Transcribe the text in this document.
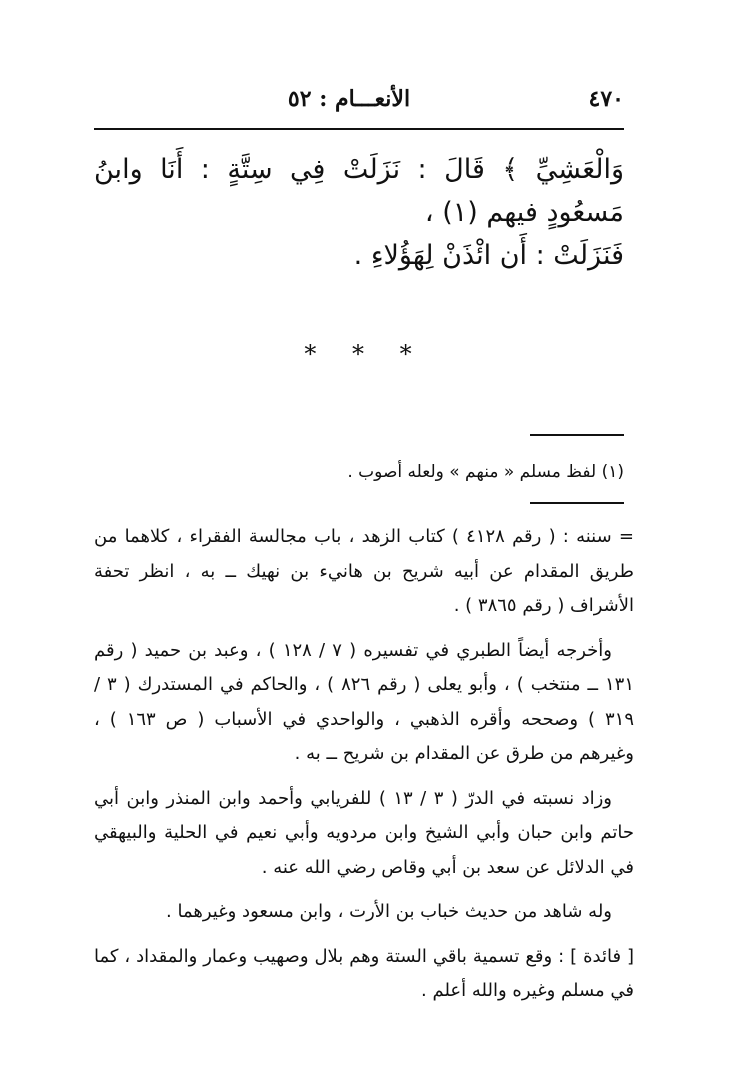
الأنعـــام : ٥٢	٤٧٠

وَالْعَشِيِّ ﴾ قَالَ : نَزَلَتْ فِي سِتَّةٍ : أَنَا وابنُ مَسعُودٍ فيهم (١) ،

فَنَزَلَتْ : أَن ائْذَنْ لِهَؤُلاءِ .

* * *
(١) لفظ مسلم « منهم » ولعله أصوب .

= سننه : ( رقم ٤١٢٨ ) كتاب الزهد ، باب مجالسة الفقراء ، كلاهما من طريق المقدام عن أبيه شريح بن هانيء بن نهيك ــ به ، انظر تحفة الأشراف ( رقم ٣٨٦٥ ) .

وأخرجه أيضاً الطبري في تفسيره ( ٧ / ١٢٨ ) ، وعبد بن حميد ( رقم ١٣١ ــ منتخب ) ، وأبو يعلى ( رقم ٨٢٦ ) ، والحاكم في المستدرك ( ٣ / ٣١٩ ) وصححه وأقره الذهبي ، والواحدي في الأسباب ( ص ١٦٣ ) ، وغيرهم من طرق عن المقدام بن شريح ــ به .

وزاد نسبته في الدرّ ( ٣ / ١٣ ) للفريابي وأحمد وابن المنذر وابن أبي حاتم وابن حبان وأبي الشيخ وابن مردويه وأبي نعيم في الحلية والبيهقي في الدلائل عن سعد بن أبي وقاص رضي الله عنه .

وله شاهد من حديث خباب بن الأرت ، وابن مسعود وغيرهما .

[ فائدة ] : وقع تسمية باقي الستة وهم بلال وصهيب وعمار والمقداد ، كما في مسلم وغيره والله أعلم .
